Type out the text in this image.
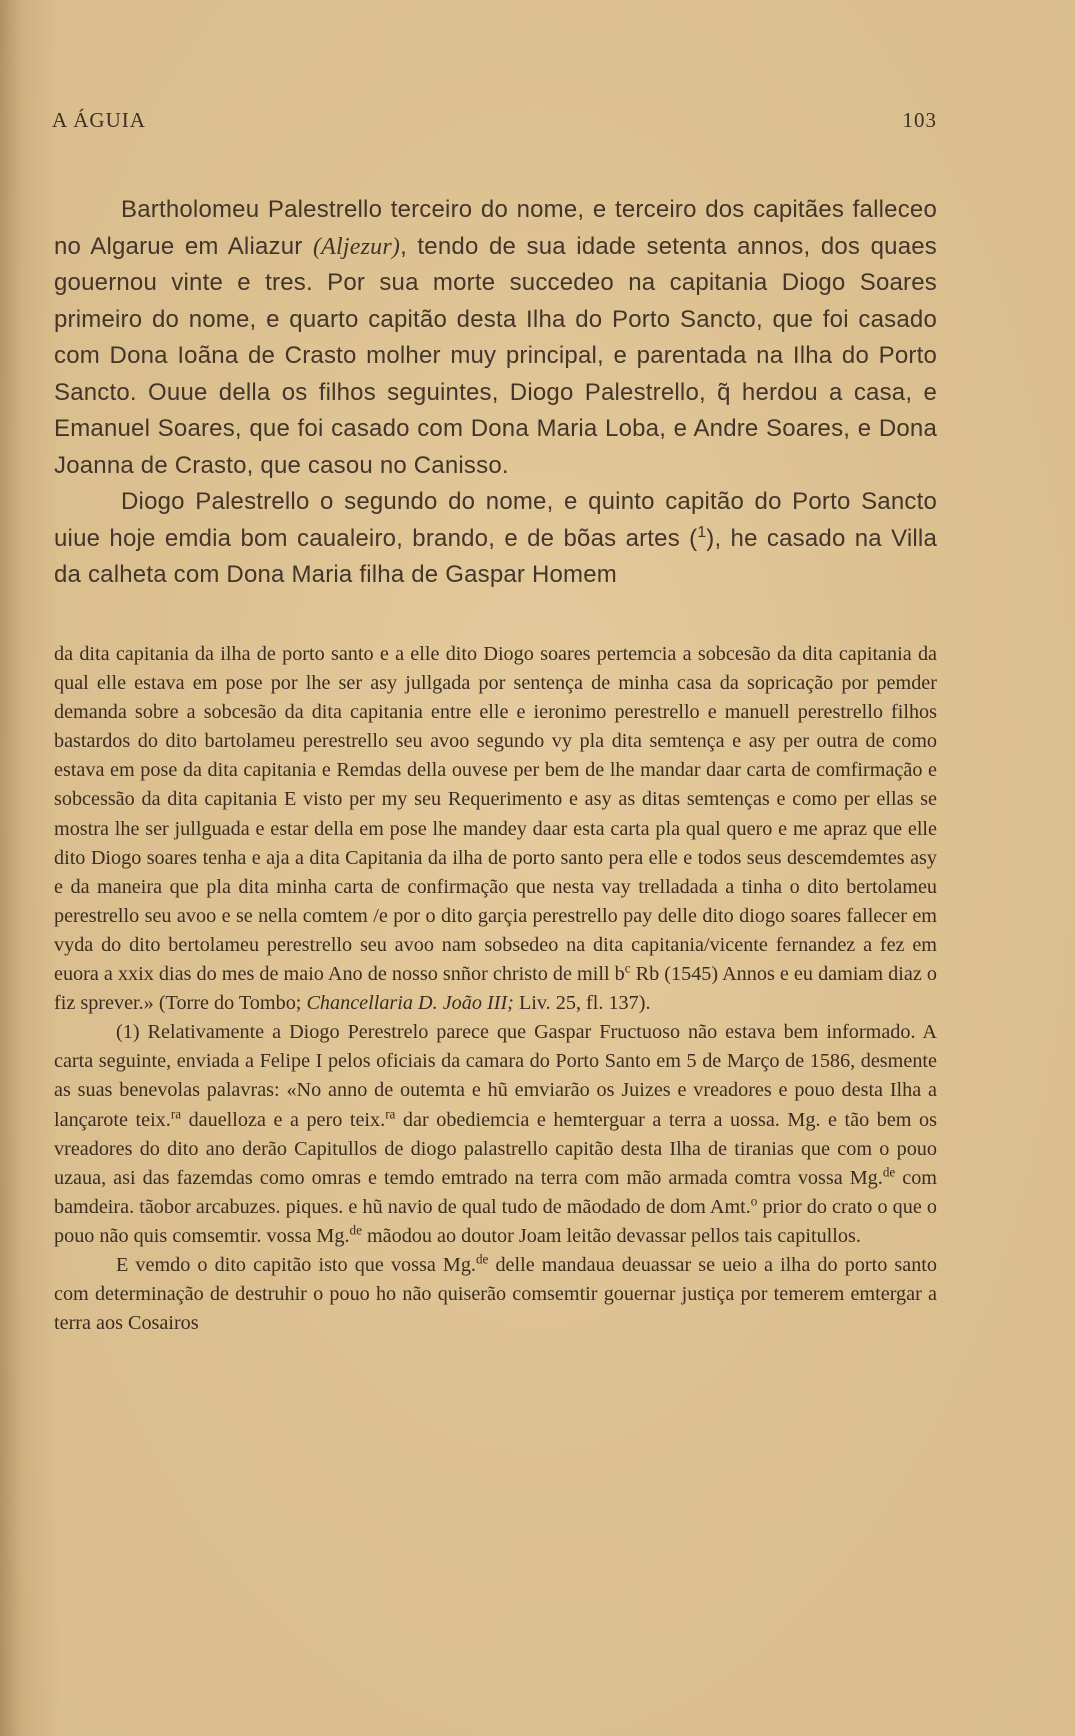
A ÁGUIA	103

Bartholomeu Palestrello terceiro do nome, e terceiro dos capitães falleceo no Algarue em Aliazur (Aljezur), tendo de sua idade setenta annos, dos quaes gouernou vinte e tres. Por sua morte succedeo na capitania Diogo Soares primeiro do nome, e quarto capitão desta Ilha do Porto Sancto, que foi casado com Dona Ioãna de Crasto molher muy principal, e parentada na Ilha do Porto Sancto. Ouue della os filhos seguintes, Diogo Palestrello, q̃ herdou a casa, e Emanuel Soares, que foi casado com Dona Maria Loba, e Andre Soares, e Dona Joanna de Crasto, que casou no Canisso.

Diogo Palestrello o segundo do nome, e quinto capitão do Porto Sancto uiue hoje emdia bom caualeiro, brando, e de bõas artes ($^1$), he casado na Villa da calheta com Dona Maria filha de Gaspar Homem

da dita capitania da ilha de porto santo e a elle dito Diogo soares pertemcia a sobcesão da dita capitania da qual elle estava em pose por lhe ser asy jullgada por sentença de minha casa da sopricação por pemder demanda sobre a sobcesão da dita capitania entre elle e ieronimo perestrello e manuell perestrello filhos bastardos do dito bartolameu perestrello seu avoo segundo vy pla dita semtença e asy per outra de como estava em pose da dita capitania e Remdas della ouvese per bem de lhe mandar daar carta de comfirmação e sobcessão da dita capitania E visto per my seu Requerimento e asy as ditas semtenças e como per ellas se mostra lhe ser jullguada e estar della em pose lhe mandey daar esta carta pla qual quero e me apraz que elle dito Diogo soares tenha e aja a dita Capitania da ilha de porto santo pera elle e todos seus descemdemtes asy e da maneira que pla dita minha carta de confirmação que nesta vay trelladada a tinha o dito bertolameu perestrello seu avoo e se nella comtem /e por o dito garçia perestrello pay delle dito diogo soares fallecer em vyda do dito bertolameu perestrello seu avoo nam sobsedeo na dita capitania/vicente fernandez a fez em euora a xxix dias do mes de maio Ano de nosso snñor christo de mill $b^c$ Rb (1545) Annos e eu damiam diaz o fiz sprever.» (Torre do Tombo; Chancellaria D. João III; Liv. 25, fl. 137).

(1) Relativamente a Diogo Perestrelo parece que Gaspar Fructuoso não estava bem informado. A carta seguinte, enviada a Felipe I pelos oficiais da camara do Porto Santo em 5 de Março de 1586, desmente as suas benevolas palavras: «No anno de outemta e hũ emviarão os Juizes e vreadores e pouo desta Ilha a lançarote teix.$^{ra}$ dauelloza e a pero teix.$^{ra}$ dar obediemcia e hemterguar a terra a uossa. Mg. e tão bem os vreadores do dito ano derão Capitullos de diogo palastrello capitão desta Ilha de tiranias que com o pouo uzaua, asi das fazemdas como omras e temdo emtrado na terra com mão armada comtra vossa Mg.$^{de}$ com bamdeira. tãobor arcabuzes. piques. e hũ navio de qual tudo de mãodado de dom Amt.$^o$ prior do crato o que o pouo não quis comsemtir. vossa Mg.$^{de}$ mãodou ao doutor Joam leitão devassar pellos tais capitullos.

E vemdo o dito capitão isto que vossa Mg.$^{de}$ delle mandaua deuassar se ueio a ilha do porto santo com determinação de destruhir o pouo ho não quiserão comsemtir gouernar justiça por temerem emtergar a terra aos Cosairos
